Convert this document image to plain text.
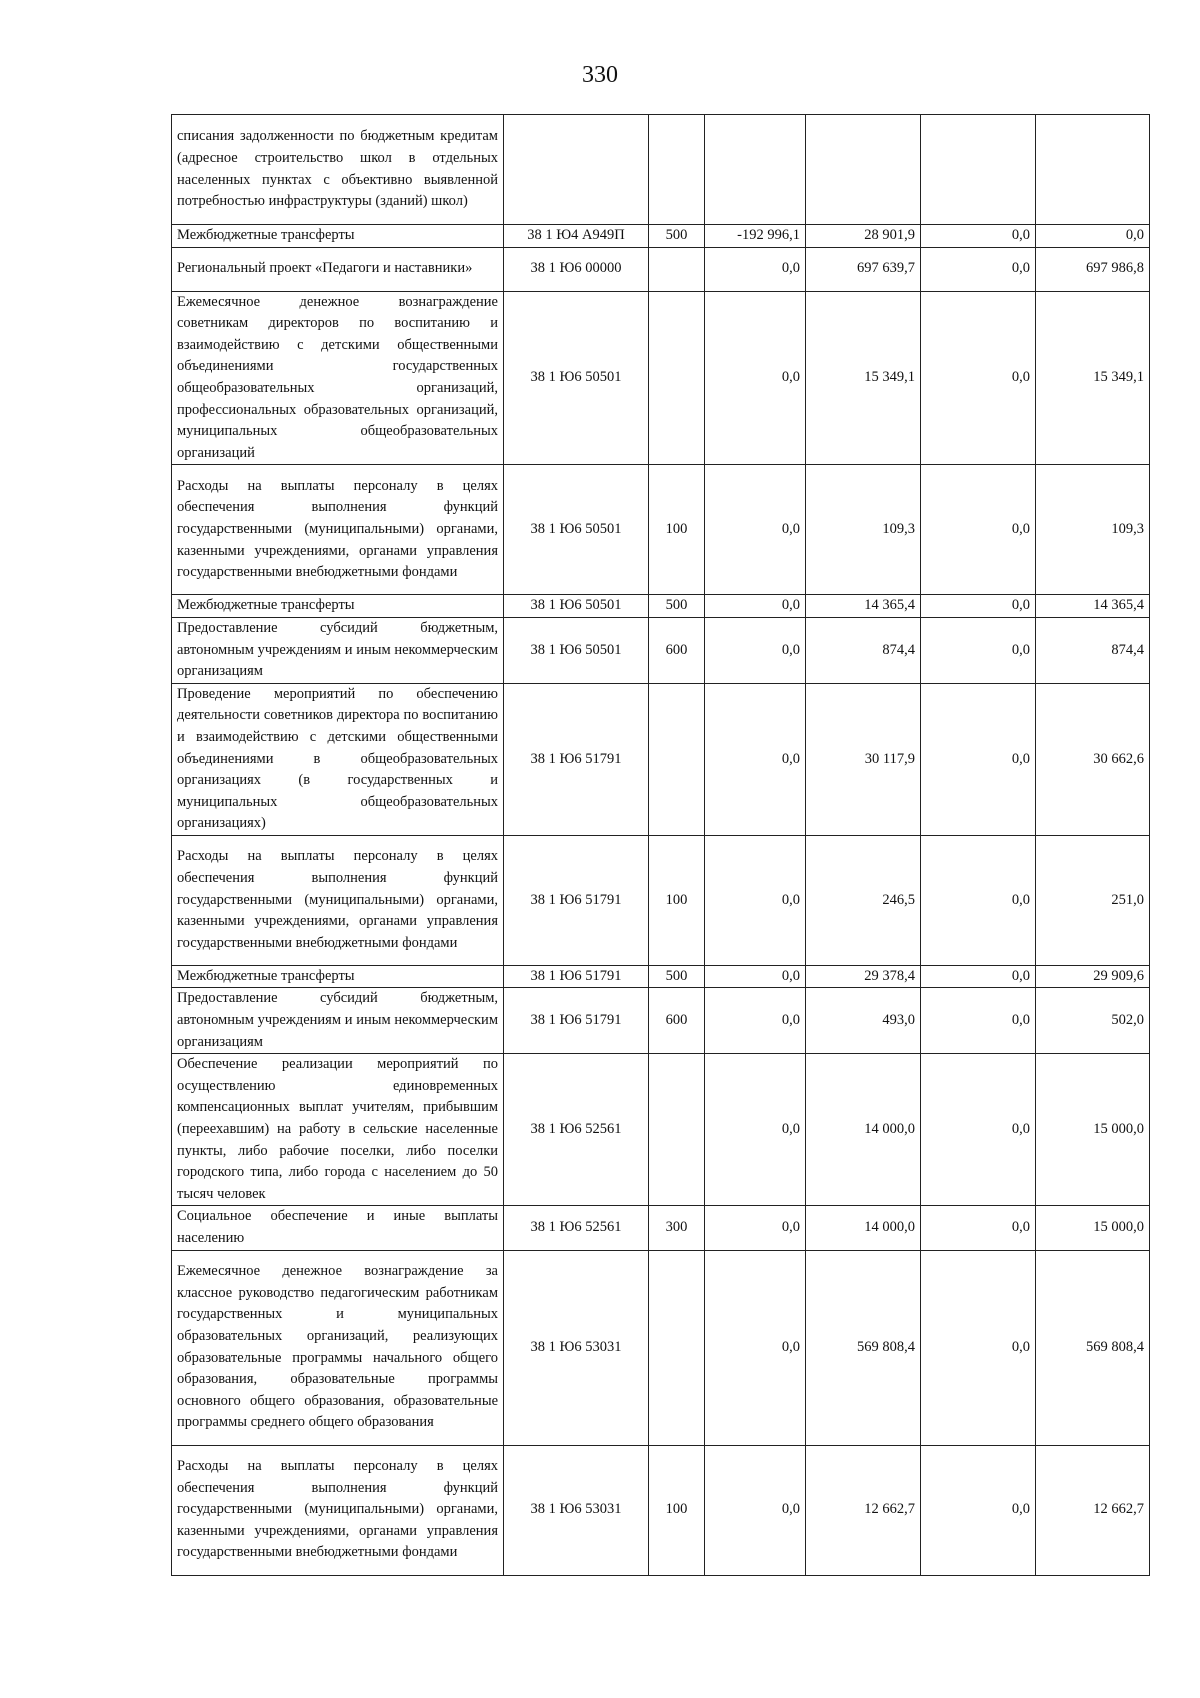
330
списания задолженности по бюджетным кредитам (адресное строительство школ в отдельных населенных пунктах с объективно выявленной потребностью инфраструктуры (зданий) школ)						
Межбюджетные трансферты	38 1 Ю4 А949П	500	-192 996,1	28 901,9	0,0	0,0
Региональный проект «Педагоги и наставники»	38 1 Ю6 00000		0,0	697 639,7	0,0	697 986,8
Ежемесячное денежное вознаграждение советникам директоров по воспитанию и взаимодействию с детскими общественными объединениями государственных общеобразовательных организаций, профессиональных образовательных организаций, муниципальных общеобразовательных организаций	38 1 Ю6 50501		0,0	15 349,1	0,0	15 349,1
Расходы на выплаты персоналу в целях обеспечения выполнения функций государственными (муниципальными) органами, казенными учреждениями, органами управления государственными внебюджетными фондами	38 1 Ю6 50501	100	0,0	109,3	0,0	109,3
Межбюджетные трансферты	38 1 Ю6 50501	500	0,0	14 365,4	0,0	14 365,4
Предоставление субсидий бюджетным, автономным учреждениям и иным некоммерческим организациям	38 1 Ю6 50501	600	0,0	874,4	0,0	874,4
Проведение мероприятий по обеспечению деятельности советников директора по воспитанию и взаимодействию с детскими общественными объединениями в общеобразовательных организациях (в государственных и муниципальных общеобразовательных организациях)	38 1 Ю6 51791		0,0	30 117,9	0,0	30 662,6
Расходы на выплаты персоналу в целях обеспечения выполнения функций государственными (муниципальными) органами, казенными учреждениями, органами управления государственными внебюджетными фондами	38 1 Ю6 51791	100	0,0	246,5	0,0	251,0
Межбюджетные трансферты	38 1 Ю6 51791	500	0,0	29 378,4	0,0	29 909,6
Предоставление субсидий бюджетным, автономным учреждениям и иным некоммерческим организациям	38 1 Ю6 51791	600	0,0	493,0	0,0	502,0
Обеспечение реализации мероприятий по осуществлению единовременных компенсационных выплат учителям, прибывшим (переехавшим) на работу в сельские населенные пункты, либо рабочие поселки, либо поселки городского типа, либо города с населением до 50 тысяч человек	38 1 Ю6 52561		0,0	14 000,0	0,0	15 000,0
Социальное обеспечение и иные выплаты населению	38 1 Ю6 52561	300	0,0	14 000,0	0,0	15 000,0
Ежемесячное денежное вознаграждение за классное руководство педагогическим работникам государственных и муниципальных образовательных организаций, реализующих образовательные программы начального общего образования, образовательные программы основного общего образования, образовательные программы среднего общего образования	38 1 Ю6 53031		0,0	569 808,4	0,0	569 808,4
Расходы на выплаты персоналу в целях обеспечения выполнения функций государственными (муниципальными) органами, казенными учреждениями, органами управления государственными внебюджетными фондами	38 1 Ю6 53031	100	0,0	12 662,7	0,0	12 662,7
